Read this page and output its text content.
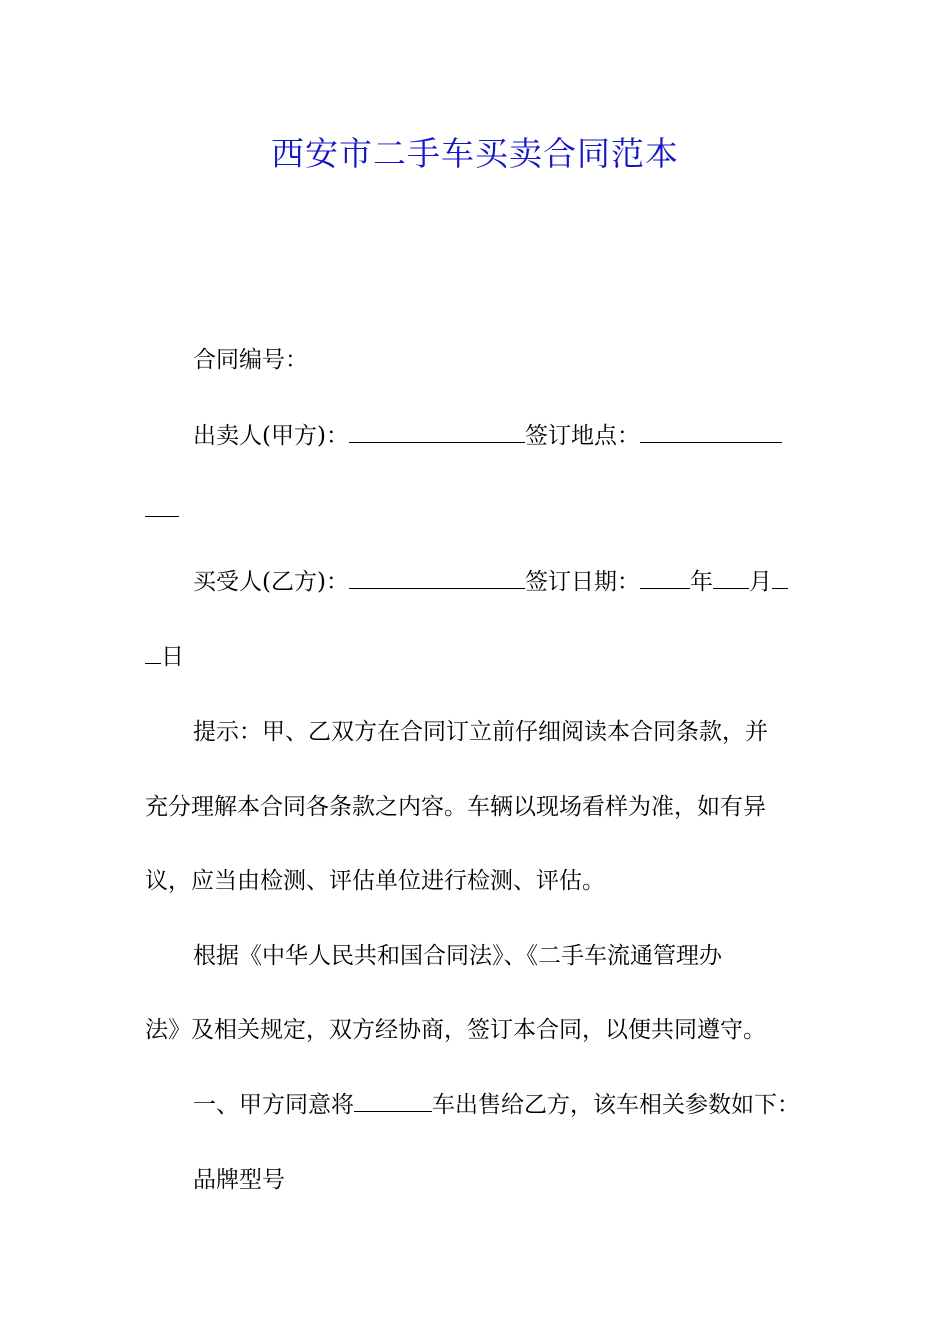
西安市二手车买卖合同范本
合同编号：
出卖人(甲方)：	签订地点：
买受人(乙方)：	签订日期： 年 月
日
提示：甲、乙双方在合同订立前仔细阅读本合同条款，并
充分理解本合同各条款之内容。车辆以现场看样为准，如有异
议，应当由检测、评估单位进行检测、评估。
根据《中华人民共和国合同法》、《二手车流通管理办
法》及相关规定，双方经协商，签订本合同，以便共同遵守。
一、甲方同意将	车出售给乙方，该车相关参数如下：
品牌型号
